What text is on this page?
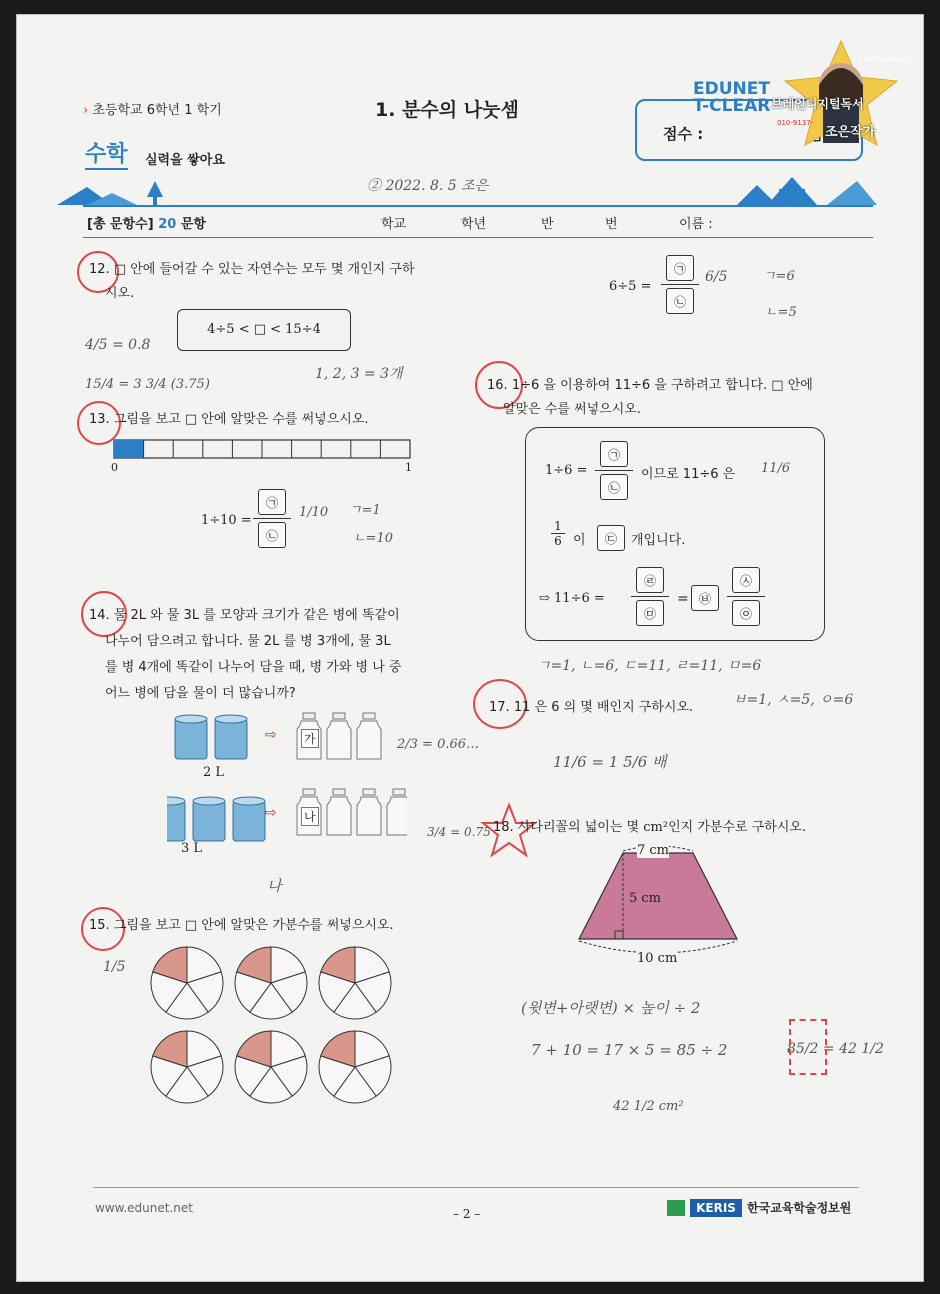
› 초등학교 6학년 1 학기
수학 실력을 쌓아요
1. 분수의 나눗셈
② 2022. 8. 5 조은
점수 :
EDUNET
T-CLEAR 브레인디지털독서
조은작가
010-9137-
brainbookcoach
[총 문항수] 20 문항	학교	학년	반	번	이름 :
12. □ 안에 들어갈 수 있는 자연수는 모두 몇 개인지 구하
시오.
4÷5 < □ < 15÷4
4/5 = 0.8
15/4 = 3 3/4 (3.75)
1, 2, 3 = 3개
13. 그림을 보고 □ 안에 알맞은 수를 써넣으시오.
0	1
1÷10 =
㉠
㉡
1/10 ㄱ=1
ㄴ=10
14. 물 2L 와 물 3L 를 모양과 크기가 같은 병에 똑같이
나누어 담으려고 합니다. 물 2L 를 병 3개에, 물 3L
를 병 4개에 똑같이 나누어 담을 때, 병 가와 병 나 중
어느 병에 담을 물이 더 많습니까?
⇨
⇨
가
나
2 L
3 L
2/3 = 0.66…
3/4 = 0.75
나
15. 그림을 보고 □ 안에 알맞은 가분수를 써넣으시오.
1/5
6÷5 =
㉠
㉡
6/5	ㄱ=6
ㄴ=5
16. 1÷6 을 이용하여 11÷6 을 구하려고 합니다. □ 안에
알맞은 수를 써넣으시오.
1÷6 =
㉠
㉡
이므로 11÷6 은 11/6
1
6 이	㉢	개입니다.
⇨ 11÷6 =
㉣
㉤
= ㉥
㉦
㉧
ㄱ=1, ㄴ=6, ㄷ=11, ㄹ=11, ㅁ=6
ㅂ=1, ㅅ=5, ㅇ=6
17. 11 은 6 의 몇 배인지 구하시오.
11/6 = 1 5/6 배
18. 사다리꼴의 넓이는 몇 cm²인지 가분수로 구하시오.
7 cm
5 cm
10 cm
(윗변+아랫변) × 높이 ÷ 2
7 + 10 = 17 × 5 = 85 ÷ 2	85/2 = 42 1/2
42 1/2 cm²
www.edunet.net	– 2 –	KERIS 한국교육학술정보원
